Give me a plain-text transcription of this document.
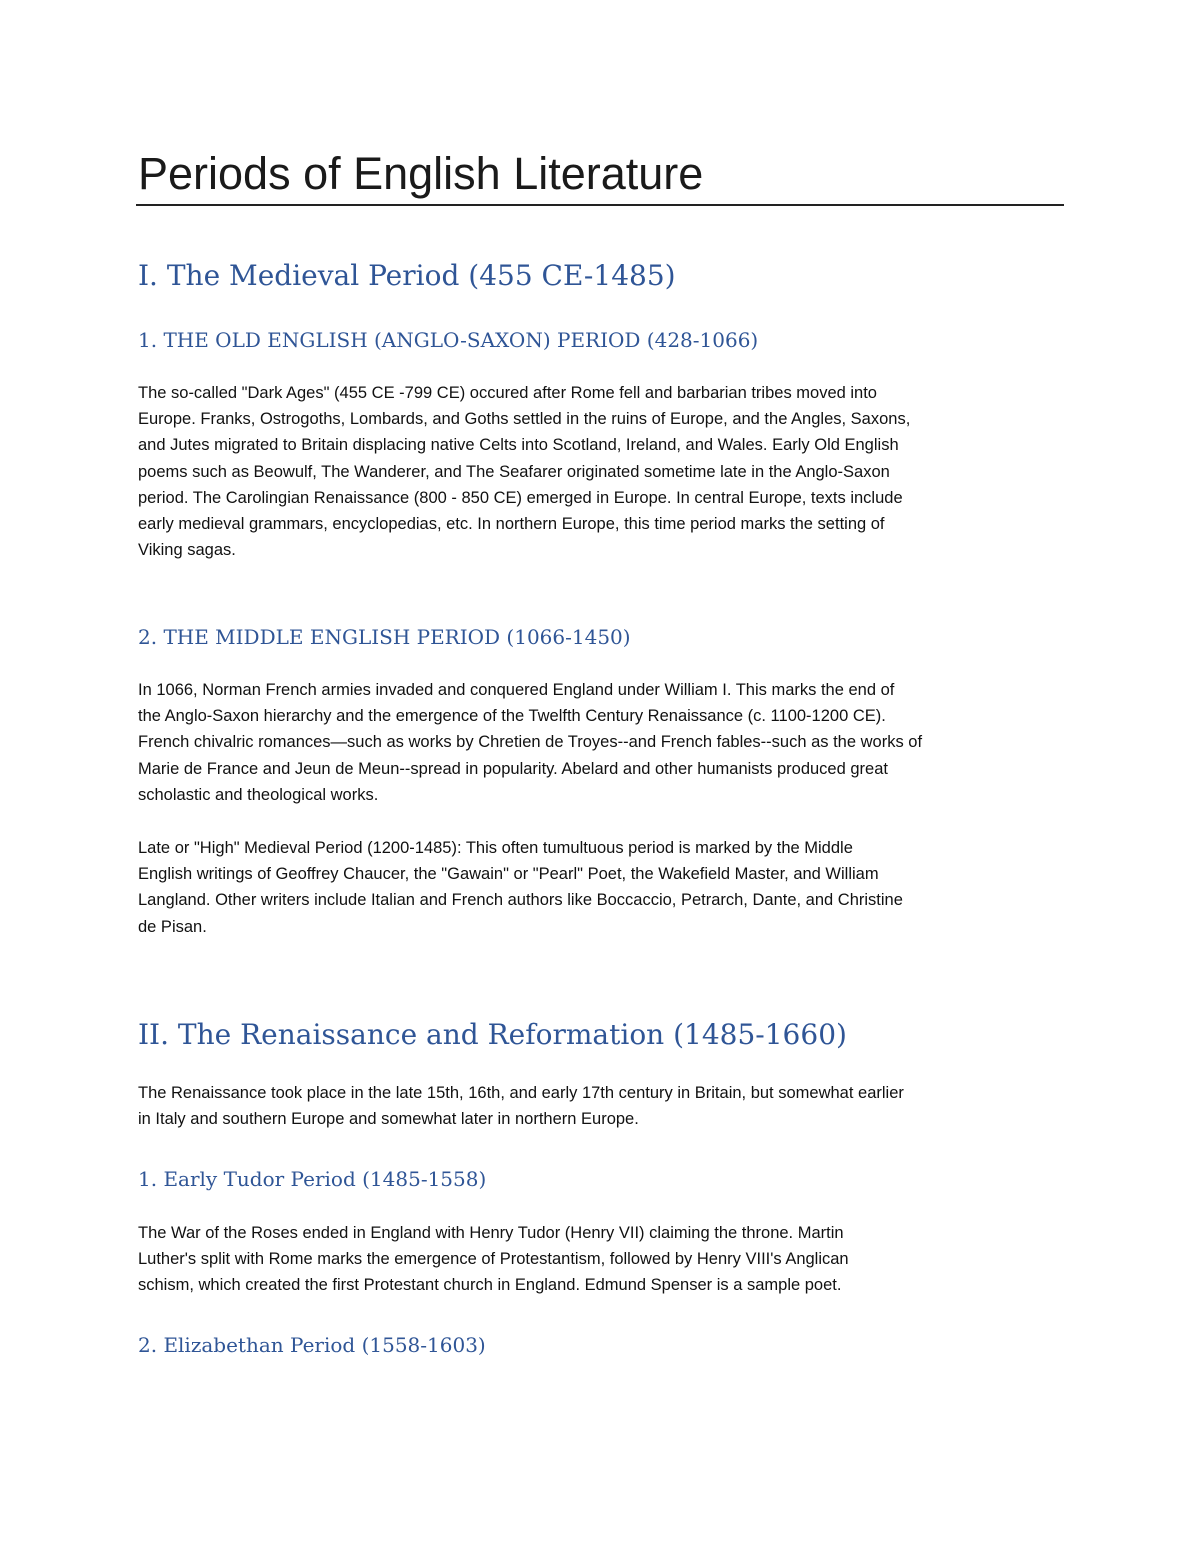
Periods of English Literature
I. The Medieval Period (455 CE-1485)
1. THE OLD ENGLISH (ANGLO-SAXON) PERIOD (428-1066)
The so-called "Dark Ages" (455 CE -799 CE) occured after Rome fell and barbarian tribes moved into
Europe. Franks, Ostrogoths, Lombards, and Goths settled in the ruins of Europe, and the Angles, Saxons,
and Jutes migrated to Britain displacing native Celts into Scotland, Ireland, and Wales. Early Old English
poems such as Beowulf, The Wanderer, and The Seafarer originated sometime late in the Anglo-Saxon
period. The Carolingian Renaissance (800 - 850 CE) emerged in Europe. In central Europe, texts include
early medieval grammars, encyclopedias, etc. In northern Europe, this time period marks the setting of
Viking sagas.
2. THE MIDDLE ENGLISH PERIOD (1066-1450)
In 1066, Norman French armies invaded and conquered England under William I. This marks the end of
the Anglo-Saxon hierarchy and the emergence of the Twelfth Century Renaissance (c. 1100-1200 CE).
French chivalric romances—such as works by Chretien de Troyes--and French fables--such as the works of
Marie de France and Jeun de Meun--spread in popularity. Abelard and other humanists produced great
scholastic and theological works.
Late or "High" Medieval Period (1200-1485): This often tumultuous period is marked by the Middle
English writings of Geoffrey Chaucer, the "Gawain" or "Pearl" Poet, the Wakefield Master, and William
Langland. Other writers include Italian and French authors like Boccaccio, Petrarch, Dante, and Christine
de Pisan.
II. The Renaissance and Reformation (1485-1660)
The Renaissance took place in the late 15th, 16th, and early 17th century in Britain, but somewhat earlier
in Italy and southern Europe and somewhat later in northern Europe.
1. Early Tudor Period (1485-1558)
The War of the Roses ended in England with Henry Tudor (Henry VII) claiming the throne. Martin
Luther's split with Rome marks the emergence of Protestantism, followed by Henry VIII's Anglican
schism, which created the first Protestant church in England. Edmund Spenser is a sample poet.
2. Elizabethan Period (1558-1603)
